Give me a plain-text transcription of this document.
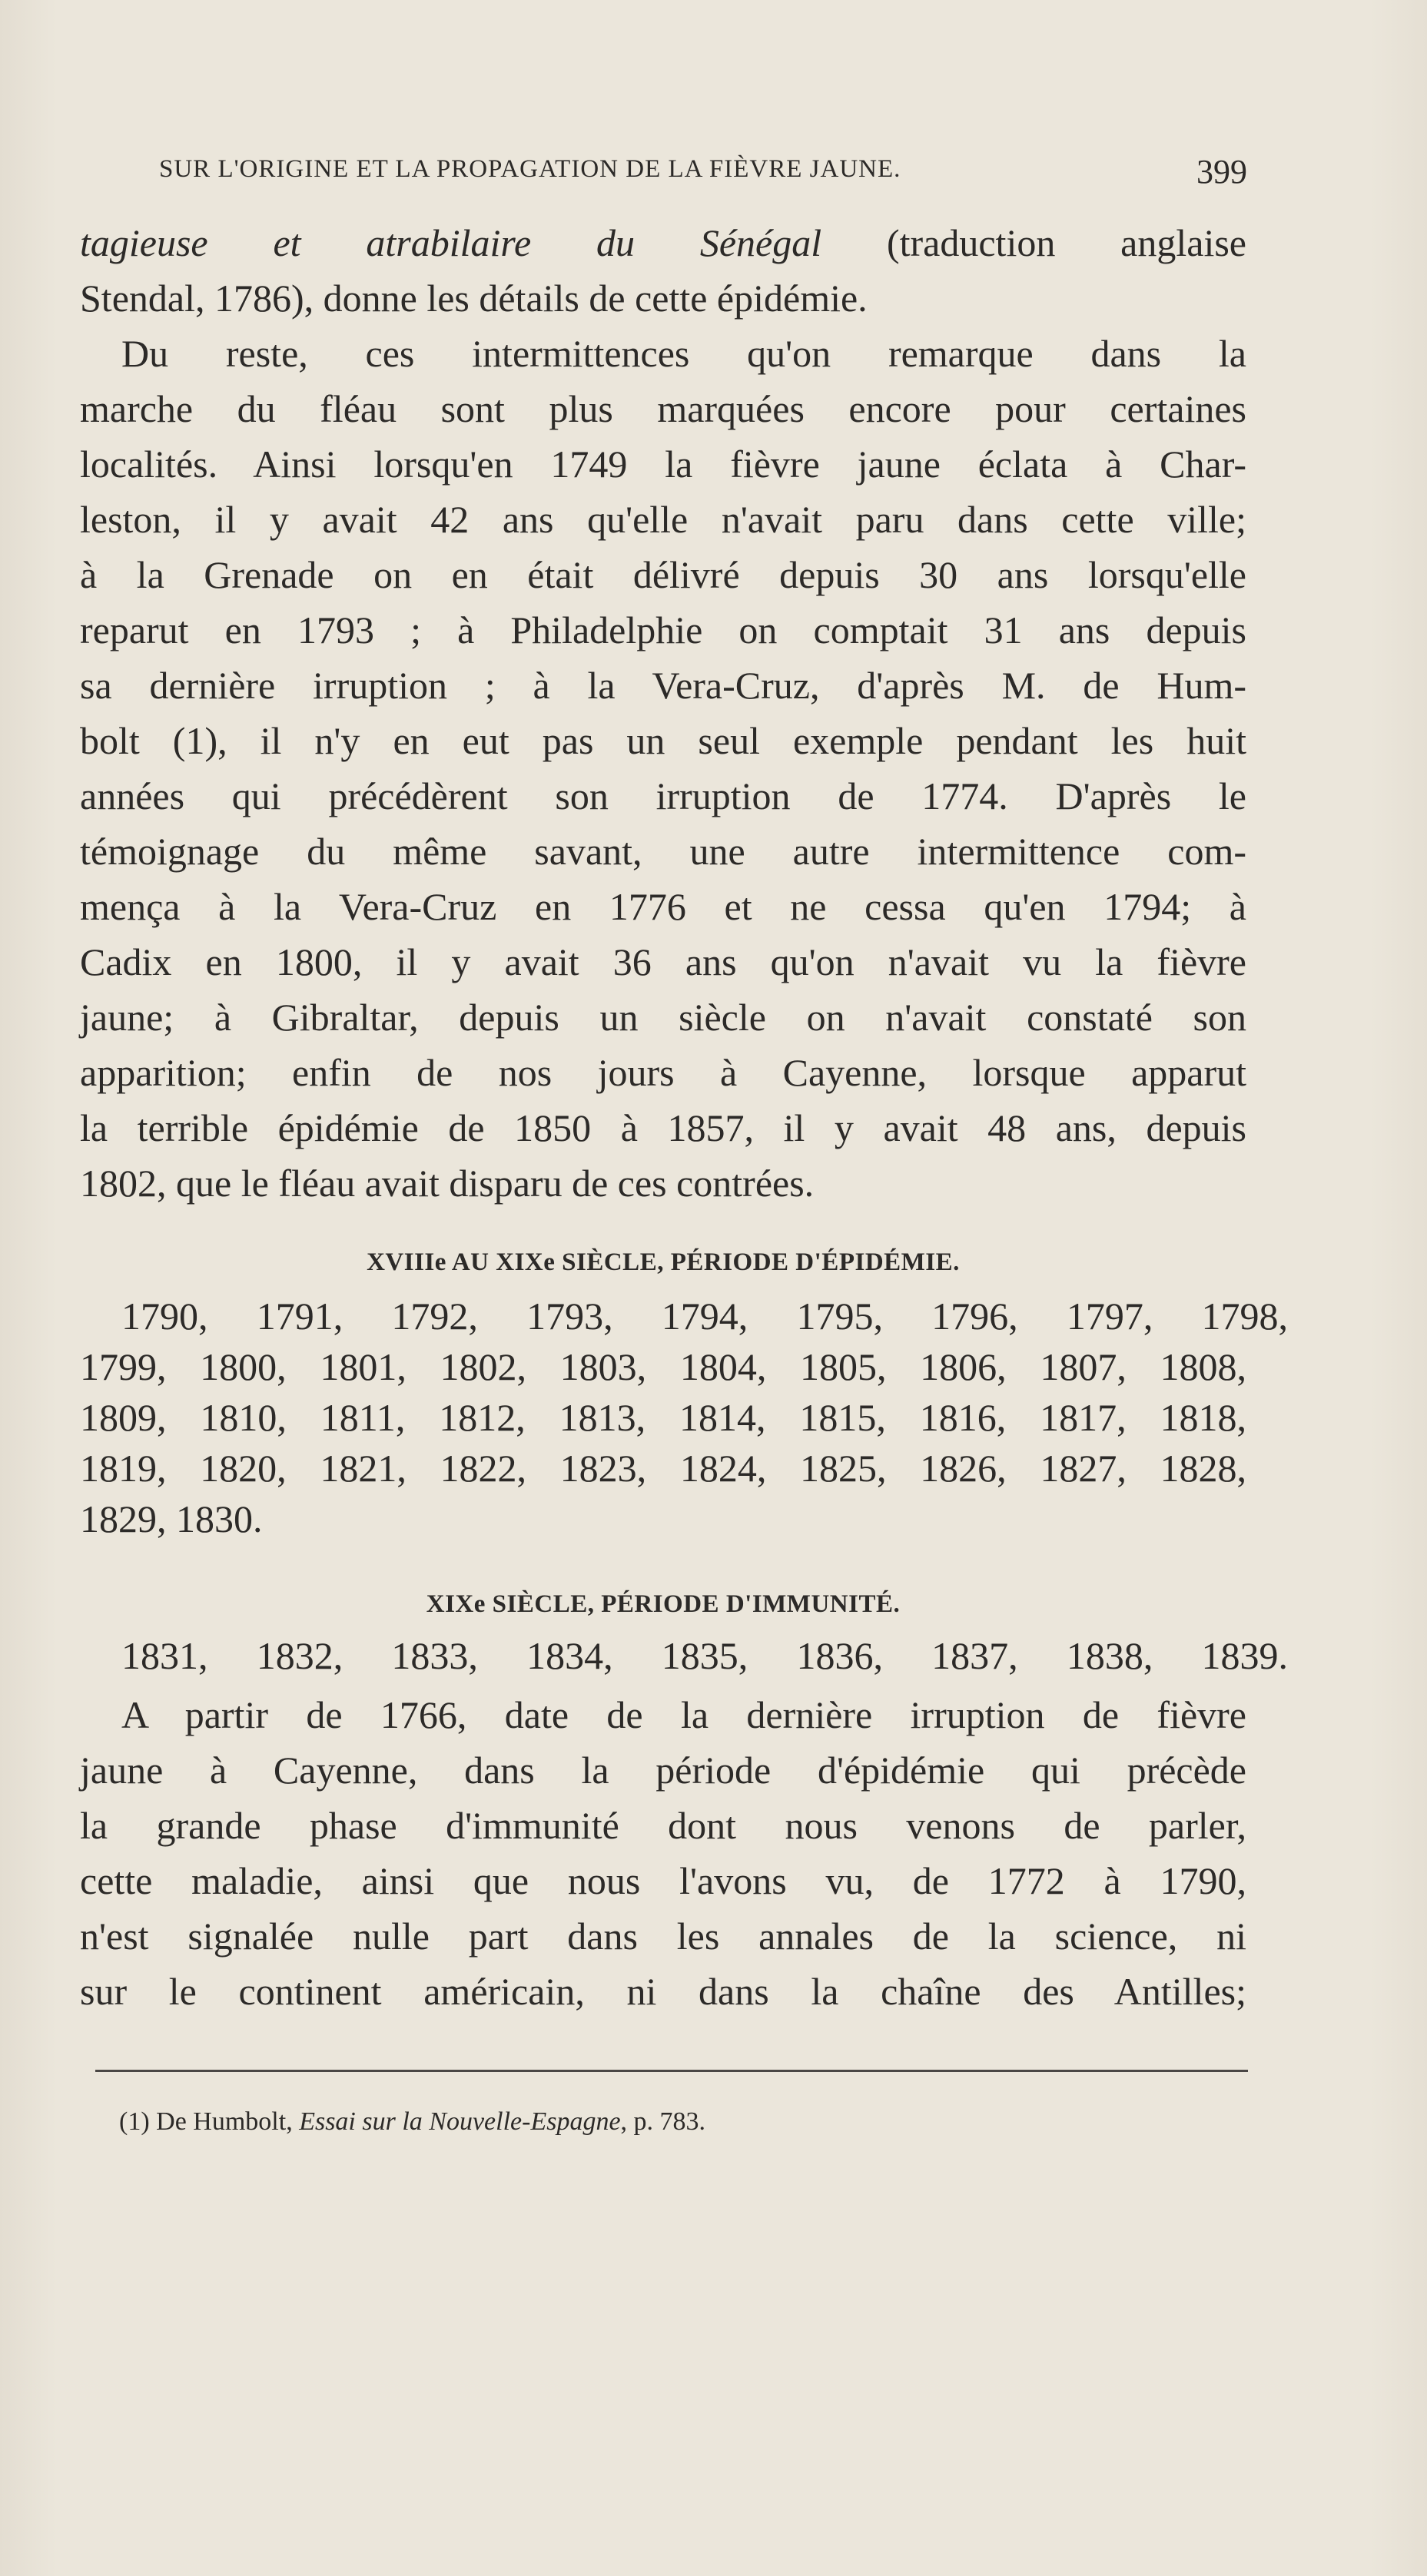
SUR L'ORIGINE ET LA PROPAGATION DE LA FIÈVRE JAUNE.	399
tagieuse et atrabilaire du Sénégal (traduction anglaise
Stendal, 1786), donne les détails de cette épidémie.
Du reste, ces intermittences qu'on remarque dans la
marche du fléau sont plus marquées encore pour certaines
localités. Ainsi lorsqu'en 1749 la fièvre jaune éclata à Char-
leston, il y avait 42 ans qu'elle n'avait paru dans cette ville;
à la Grenade on en était délivré depuis 30 ans lorsqu'elle
reparut en 1793 ; à Philadelphie on comptait 31 ans depuis
sa dernière irruption ; à la Vera-Cruz, d'après M. de Hum-
bolt (1), il n'y en eut pas un seul exemple pendant les huit
années qui précédèrent son irruption de 1774. D'après le
témoignage du même savant, une autre intermittence com-
mença à la Vera-Cruz en 1776 et ne cessa qu'en 1794; à
Cadix en 1800, il y avait 36 ans qu'on n'avait vu la fièvre
jaune; à Gibraltar, depuis un siècle on n'avait constaté son
apparition; enfin de nos jours à Cayenne, lorsque apparut
la terrible épidémie de 1850 à 1857, il y avait 48 ans, depuis
1802, que le fléau avait disparu de ces contrées.
XVIIIe AU XIXe SIÈCLE, PÉRIODE D'ÉPIDÉMIE.
1790, 1791, 1792, 1793, 1794, 1795, 1796, 1797, 1798,
1799, 1800, 1801, 1802, 1803, 1804, 1805, 1806, 1807, 1808,
1809, 1810, 1811, 1812, 1813, 1814, 1815, 1816, 1817, 1818,
1819, 1820, 1821, 1822, 1823, 1824, 1825, 1826, 1827, 1828,
1829, 1830.
XIXe SIÈCLE, PÉRIODE D'IMMUNITÉ.
1831, 1832, 1833, 1834, 1835, 1836, 1837, 1838, 1839.
A partir de 1766, date de la dernière irruption de fièvre
jaune à Cayenne, dans la période d'épidémie qui précède
la grande phase d'immunité dont nous venons de parler,
cette maladie, ainsi que nous l'avons vu, de 1772 à 1790,
n'est signalée nulle part dans les annales de la science, ni
sur le continent américain, ni dans la chaîne des Antilles;
(1) De Humbolt, Essai sur la Nouvelle-Espagne, p. 783.
